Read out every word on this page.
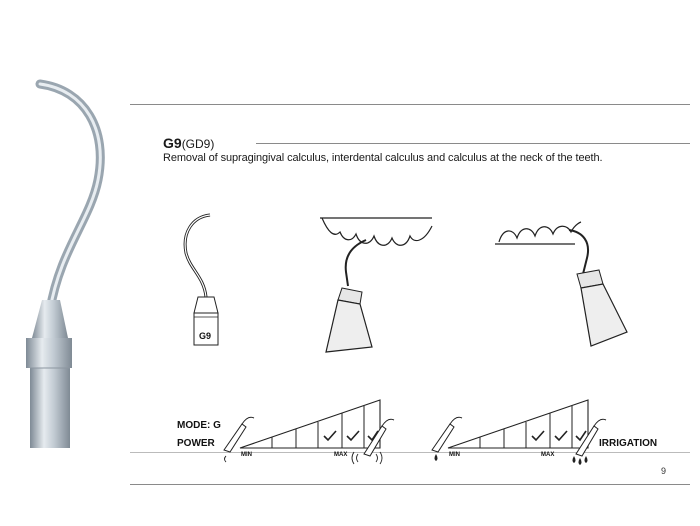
G9(GD9)
Removal of supragingival calculus, interdental calculus and calculus at the neck of the teeth.
G9
MODE: G
POWER	IRRIGATION
MIN	MAX	MIN	MAX
9
